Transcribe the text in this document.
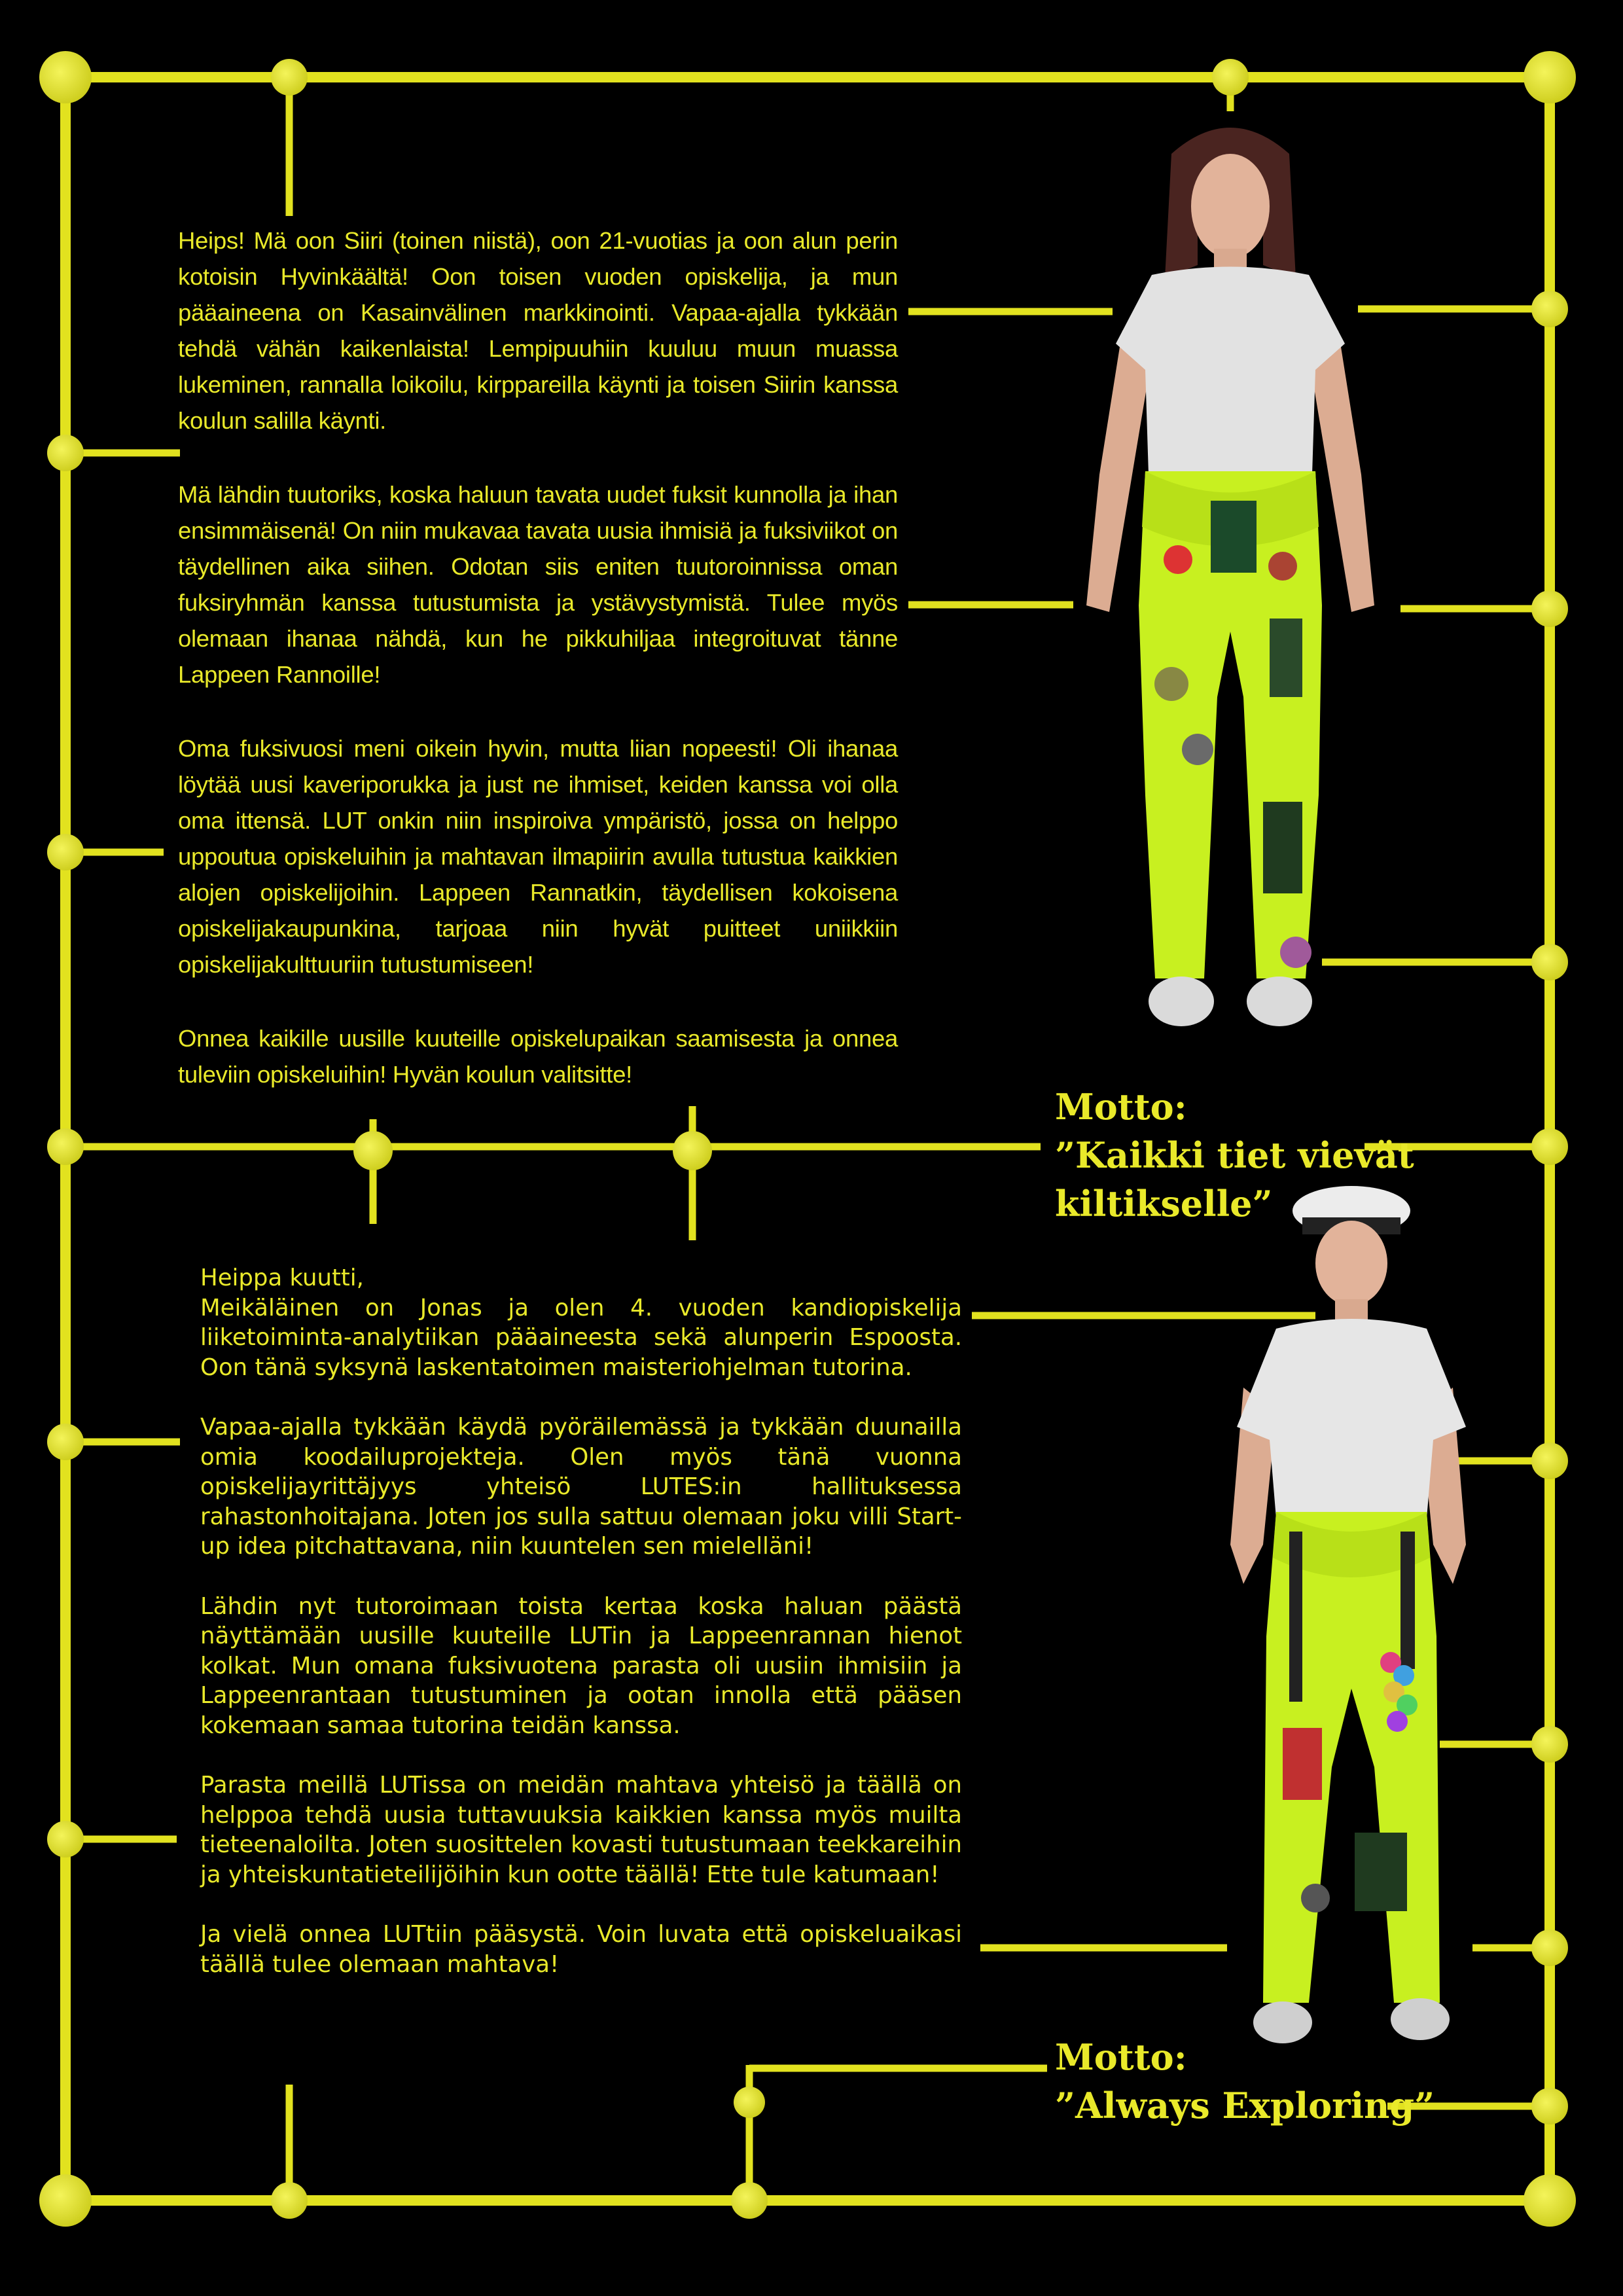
Heips! Mä oon Siiri (toinen niistä), oon 21-vuotias ja oon alun perin kotoisin Hyvinkäältä! Oon toisen vuoden opiskelija, ja mun pääaineena on Kasainvälinen markkinointi. Vapaa-ajalla tykkään tehdä vähän kaikenlaista! Lempipuuhiin kuuluu muun muassa lukeminen, rannalla loikoilu, kirppareilla käynti ja toisen Siirin kanssa koulun salilla käynti.

Mä lähdin tuutoriks, koska haluun tavata uudet fuksit kunnolla ja ihan ensimmäisenä! On niin mukavaa tavata uusia ihmisiä ja fuksiviikot on täydellinen aika siihen. Odotan siis eniten tuutoroinnissa oman fuksiryhmän kanssa tutustumista ja ystävystymistä. Tulee myös olemaan ihanaa nähdä, kun he pikkuhiljaa integroituvat tänne Lappeen Rannoille!

Oma fuksivuosi meni oikein hyvin, mutta liian nopeesti! Oli ihanaa löytää uusi kaveriporukka ja just ne ihmiset, keiden kanssa voi olla oma ittensä. LUT onkin niin inspiroiva ympäristö, jossa on helppo uppoutua opiskeluihin ja mahtavan ilmapiirin avulla tutustua kaikkien alojen opiskelijoihin. Lappeen Rannatkin, täydellisen kokoisena opiskelijakaupunkina, tarjoaa niin hyvät puitteet uniikkiin opiskelijakulttuuriin tutustumiseen!

Onnea kaikille uusille kuuteille opiskelupaikan saamisesta ja onnea tuleviin opiskeluihin! Hyvän koulun valitsitte!

Motto:
”Kaikki tiet vievät
kiltikselle”
Heippa kuutti,

Meikäläinen on Jonas ja olen 4. vuoden kandiopiskelija liiketoiminta-analytiikan pääaineesta sekä alunperin Espoosta. Oon tänä syksynä laskentatoimen maisteriohjelman tutorina.

Vapaa-ajalla tykkään käydä pyöräilemässä ja tykkään duunailla omia koodailuprojekteja. Olen myös tänä vuonna opiskelijayrittäjyys yhteisö LUTES:in hallituksessa rahastonhoitajana. Joten jos sulla sattuu olemaan joku villi Start-up idea pitchattavana, niin kuuntelen sen mielelläni!

Lähdin nyt tutoroimaan toista kertaa koska haluan päästä näyttämään uusille kuuteille LUTin ja Lappeenrannan hienot kolkat. Mun omana fuksivuotena parasta oli uusiin ihmisiin ja Lappeenrantaan tutustuminen ja ootan innolla että pääsen kokemaan samaa tutorina teidän kanssa.

Parasta meillä LUTissa on meidän mahtava yhteisö ja täällä on helppoa tehdä uusia tuttavuuksia kaikkien kanssa myös muilta tieteenaloilta. Joten suosittelen kovasti tutustumaan teekkareihin ja yhteiskuntatieteilijöihin kun ootte täällä! Ette tule katumaan!

Ja vielä onnea LUTtiin pääsystä. Voin luvata että opiskeluaikasi täällä tulee olemaan mahtava!

Motto:
”Always Exploring”
